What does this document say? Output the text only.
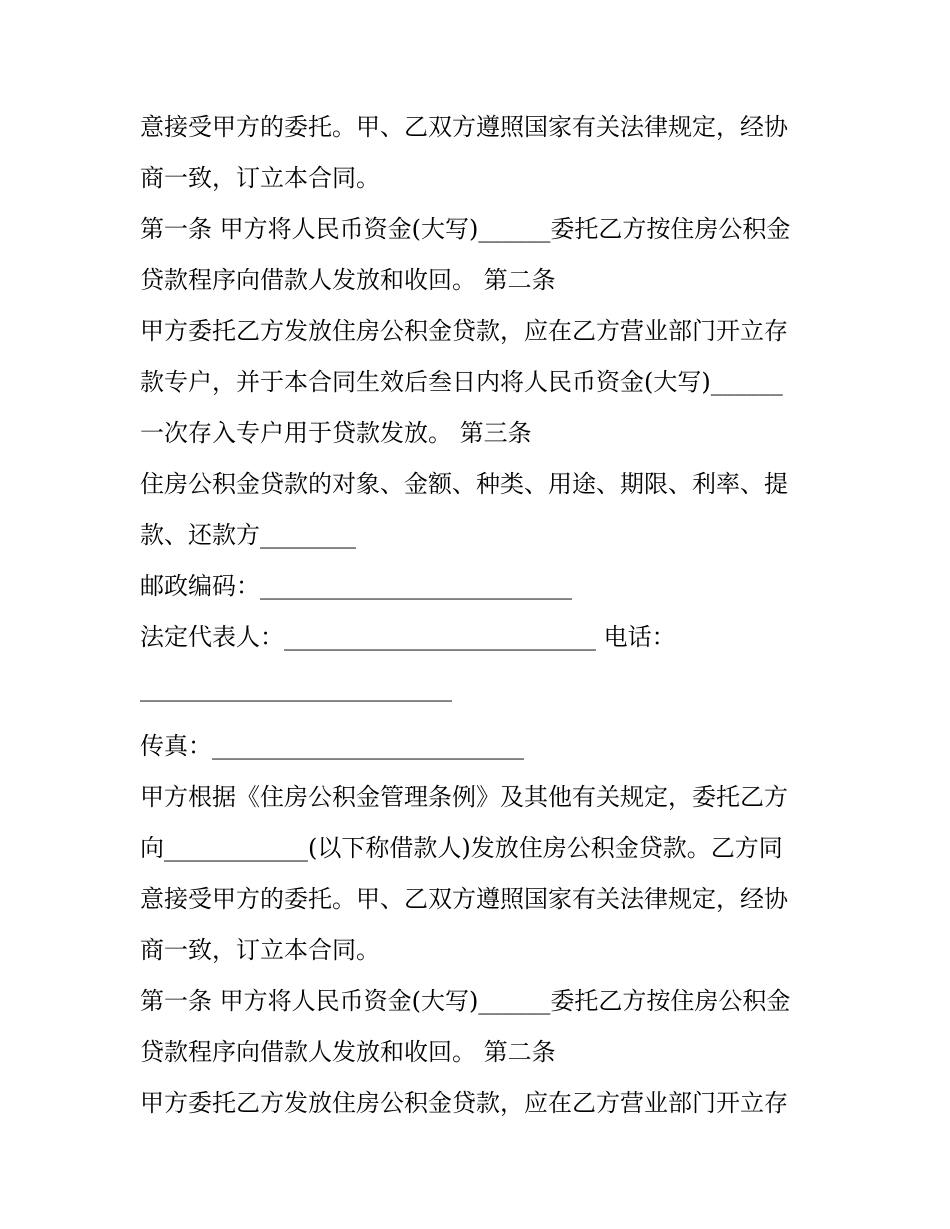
意接受甲方的委托。甲、乙双方遵照国家有关法律规定，经协
商一致，订立本合同。
第一条 甲方将人民币资金(大写)______委托乙方按住房公积金
贷款程序向借款人发放和收回。 第二条
甲方委托乙方发放住房公积金贷款，应在乙方营业部门开立存
款专户，并于本合同生效后叁日内将人民币资金(大写)______
一次存入专户用于贷款发放。 第三条
住房公积金贷款的对象、金额、种类、用途、期限、利率、提
款、还款方________
邮政编码：__________________________
法定代表人：__________________________ 电话：
__________________________
传真：__________________________
甲方根据《住房公积金管理条例》及其他有关规定，委托乙方
向____________(以下称借款人)发放住房公积金贷款。乙方同
意接受甲方的委托。甲、乙双方遵照国家有关法律规定，经协
商一致，订立本合同。
第一条 甲方将人民币资金(大写)______委托乙方按住房公积金
贷款程序向借款人发放和收回。 第二条
甲方委托乙方发放住房公积金贷款，应在乙方营业部门开立存
